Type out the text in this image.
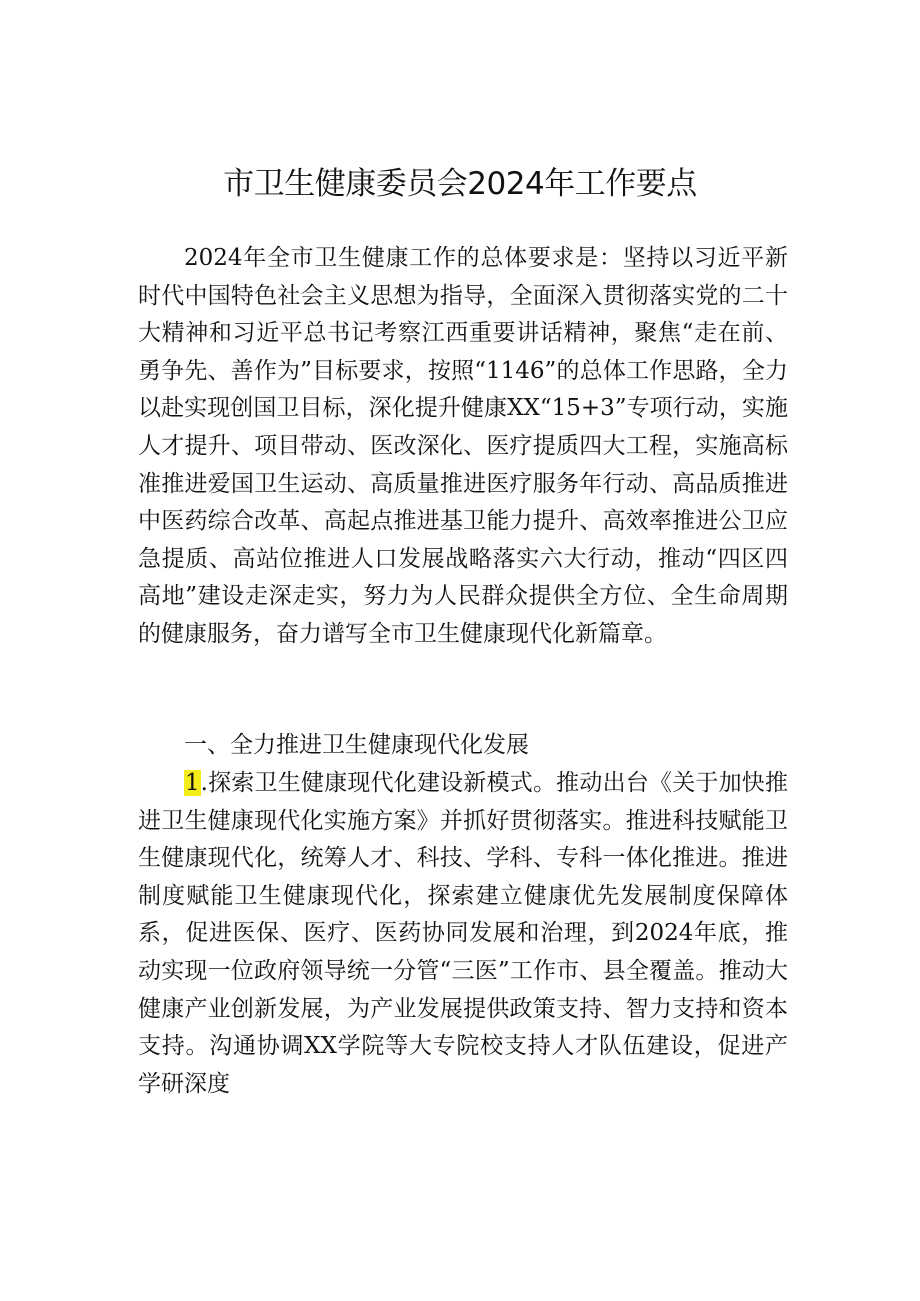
市卫生健康委员会2024年工作要点

2024年全市卫生健康工作的总体要求是：坚持以习近平新时代中国特色社会主义思想为指导，全面深入贯彻落实党的二十大精神和习近平总书记考察江西重要讲话精神，聚焦“走在前、勇争先、善作为”目标要求，按照“1146”的总体工作思路，全力以赴实现创国卫目标，深化提升健康XX“15+3”专项行动，实施人才提升、项目带动、医改深化、医疗提质四大工程，实施高标准推进爱国卫生运动、高质量推进医疗服务年行动、高品质推进中医药综合改革、高起点推进基卫能力提升、高效率推进公卫应急提质、高站位推进人口发展战略落实六大行动，推动“四区四高地”建设走深走实，努力为人民群众提供全方位、全生命周期的健康服务，奋力谱写全市卫生健康现代化新篇章。

一、全力推进卫生健康现代化发展

1.探索卫生健康现代化建设新模式。推动出台《关于加快推进卫生健康现代化实施方案》并抓好贯彻落实。推进科技赋能卫生健康现代化，统筹人才、科技、学科、专科一体化推进。推进制度赋能卫生健康现代化，探索建立健康优先发展制度保障体系，促进医保、医疗、医药协同发展和治理，到2024年底，推动实现一位政府领导统一分管“三医”工作市、县全覆盖。推动大健康产业创新发展，为产业发展提供政策支持、智力支持和资本支持。沟通协调XX学院等大专院校支持人才队伍建设，促进产学研深度
